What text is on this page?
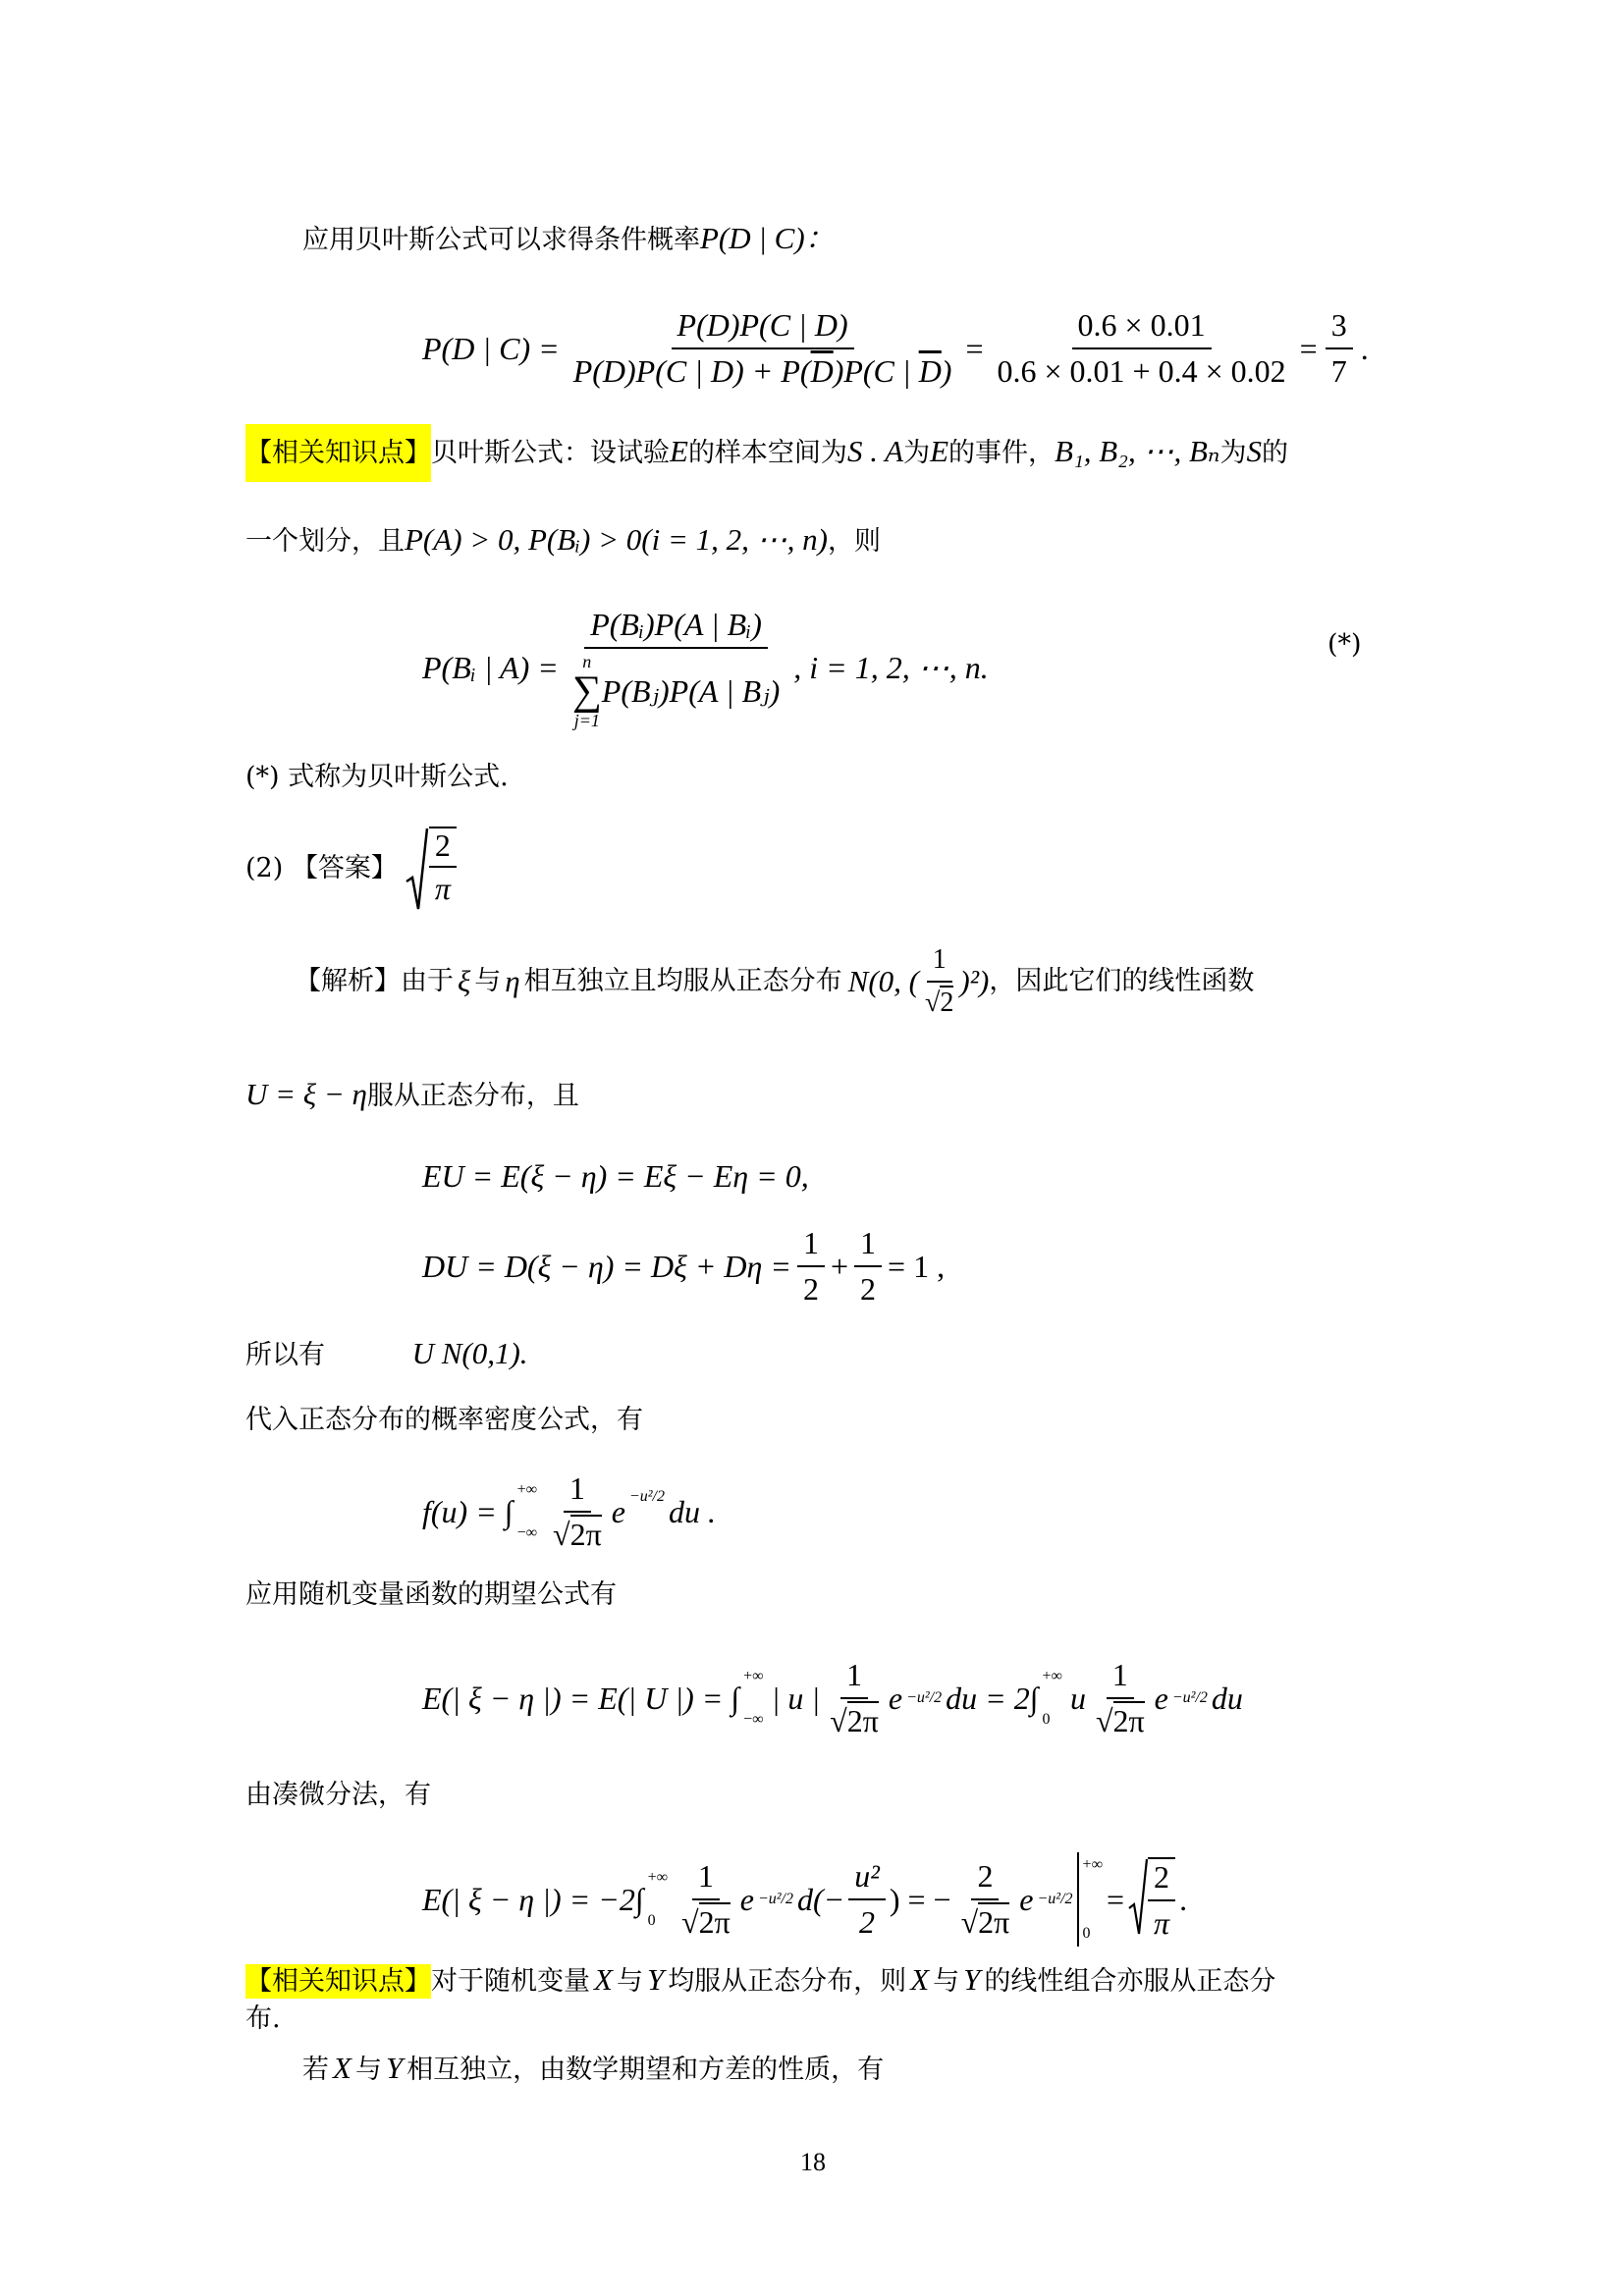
应用贝叶斯公式可以求得条件概率P(D | C)：
P(D | $C) = \frac{P(D)P(C | D)}{P(D)P(C | D) + P(\overline{D})P(C | \overline{D})} = \frac{0.6 \times 0.01}{0.6 \times 0.01 + 0.4 \times 0.02} = \frac{3}{7}$ .
【相关知识点】贝叶斯公式：设试验E的样本空间为S . A为E的事件，B₁, B₂, ⋯, Bₙ为S的
一个划分，且P(A) > 0, P(Bᵢ) > 0(i = 1, 2, ⋯, n)，则
P(Bᵢ | A) = P(Bᵢ)P(A | Bᵢ)
n
∑
j=1
P(Bⱼ)P(A | Bⱼ) , i = 1, 2, ⋯, n.
(*)
(*) 式称为贝叶斯公式.
(2) 【答案】 $\frac{2}{\pi}$
【解析】 由于 ξ 与 η 相互独立且均服从正态分布 N(0, ( $\frac{1}{√2} )^2$) ，因此它们的线性函数
U = ξ − η服从正态分布，且
EU = E(ξ − η) = Eξ − Eη = 0,
DU = $D(\xi - \eta) = D\xi + D\eta = \frac{1}{2} + \frac{1}{2} = 1$ ,
所以有	U N(0,1).
代入正态分布的概率密度公式，有
f(u) = ∫
+∞
−∞ $\frac{1}{√2\pi}$ e $^{-u^2/2}$ du .
应用随机变量函数的期望公式有
E(| ξ − η |) = E(| U |) = ∫
+∞
−∞
| u | $\frac{1}{√2\pi}$ e −u²/2 du = 2∫
+∞
0
u $\frac{1}{√2\pi}$ e −u²/2 du
由凑微分法，有
E(| ξ − η |) = −2∫
+∞
$0 \frac{1}{√2\pi}$ e −u²/2 $d(- \frac{\text{u²}}{2}$ ) = − $\frac{2}{√2\pi}$ e −u²/2
+∞
0
= $\frac{2}{\pi}$ .
【相关知识点】对于随机变量 X 与 Y 均服从正态分布，则 X 与 Y 的线性组合亦服从正态分
布.
若 X 与 Y 相互独立，由数学期望和方差的性质，有
18
